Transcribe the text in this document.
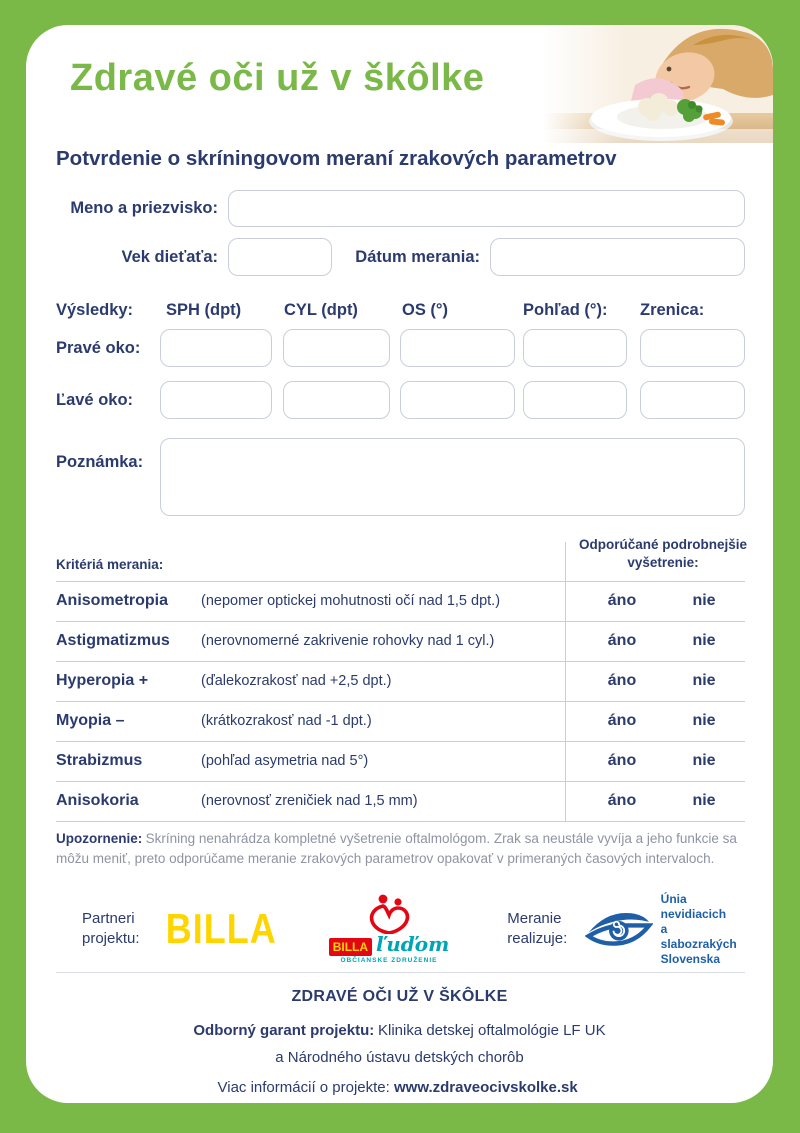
Zdravé oči už v škôlke
Potvrdenie o skríningovom meraní zrakových parametrov
Meno a priezvisko:
Vek dieťaťa:	Dátum merania:
Výsledky: SPH (dpt)	CYL (dpt)	OS (°)	Pohľad (°): Zrenica:
Pravé oko:
Ľavé oko:
Poznámka:
Kritériá merania:
Odporúčané podrobnejšie vyšetrenie:
Anisometropia (nepomer optickej mohutnosti očí nad 1,5 dpt.)	áno	nie
Astigmatizmus (nerovnomerné zakrivenie rohovky nad 1 cyl.)	áno	nie
Hyperopia +	(ďalekozrakosť nad +2,5 dpt.)	áno	nie
Myopia –	(krátkozrakosť nad -1 dpt.)	áno	nie
Strabizmus	(pohľad asymetria nad 5°)	áno	nie
Anisokoria	(nerovnosť zreničiek nad 1,5 mm)	áno	nie

Upozornenie: Skríning nenahrádza kompletné vyšetrenie oftalmológom. Zrak sa neustále vyvíja a jeho funkcie sa môžu meniť, preto odporúčame meranie zrakových parametrov opakovať v primeraných časových intervaloch.

Partneri projektu: BILLA	BILLA ľuďom
OBČIANSKE ZDRUŽENIE
Meranie realizuje:
Únia nevidiacich
a slabozrakých
Slovenska
ZDRAVÉ OČI UŽ V ŠKÔLKE
Odborný garant projektu: Klinika detskej oftalmológie LF UK
a Národného ústavu detských chorôb
Viac informácií o projekte: www.zdraveocivskolke.sk
